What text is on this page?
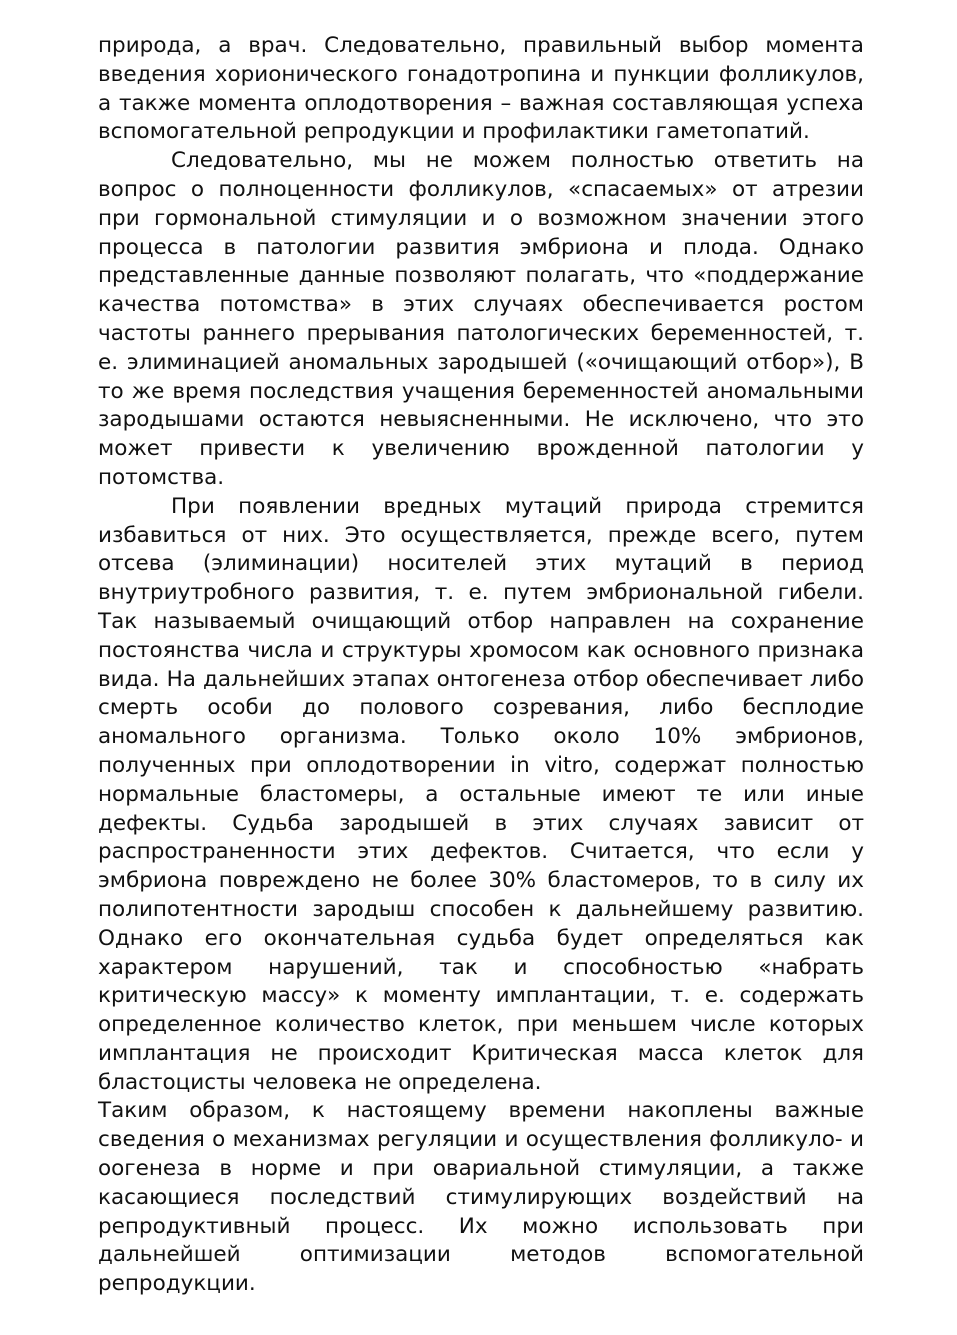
природа, а врач. Следовательно, правильный выбор момента введения хорионического гонадотропина и пункции фолликулов, а также момента оплодотворения – важная составляющая успеха вспомогательной репродукции и профилактики гаметопатий.

Следовательно, мы не можем полностью ответить на вопрос о полноценности фолликулов, «спасаемых» от атрезии при гормональной стимуляции и о возможном значении этого процесса в патологии развития эмбриона и плода. Однако представленные данные позволяют полагать, что «поддержание качества потомства» в этих случаях обеспечивается ростом частоты раннего прерывания патологических беременностей, т. е. элиминацией аномальных зародышей («очищающий отбор»), В то же время последствия учащения беременностей аномальными зародышами остаются невыясненными. Не исключено, что это может привести к увеличению врожденной патологии у потомства.

При появлении вредных мутаций природа стремится избавиться от них. Это осуществляется, прежде всего, путем отсева (элиминации) носителей этих мутаций в период внутриутробного развития, т. е. путем эмбриональной гибели. Так называемый очищающий отбор направлен на сохранение постоянства числа и структуры хромосом как основного признака вида. На дальнейших этапах онтогенеза отбор обеспечивает либо смерть особи до полового созревания, либо бесплодие аномального организма. Только около 10% эмбрионов, полученных при оплодотворении in vitro, содержат полностью нормальные бластомеры, а остальные имеют те или иные дефекты. Судьба зародышей в этих случаях зависит от распространенности этих дефектов. Считается, что если у эмбриона повреждено не более 30% бластомеров, то в силу их полипотентности зародыш способен к дальнейшему развитию. Однако его окончательная судьба будет определяться как характером нарушений, так и способностью «набрать критическую массу» к моменту имплантации, т. е. содержать определенное количество клеток, при меньшем числе которых имплантация не происходит Критическая масса клеток для бластоцисты человека не определена.

Таким образом, к настоящему времени накоплены важные сведения о механизмах регуляции и осуществления фолликуло- и оогенеза в норме и при овариальной стимуляции, а также касающиеся последствий стимулирующих воздействий на репродуктивный процесс. Их можно использовать при дальнейшей оптимизации методов вспомогательной репродукции.
